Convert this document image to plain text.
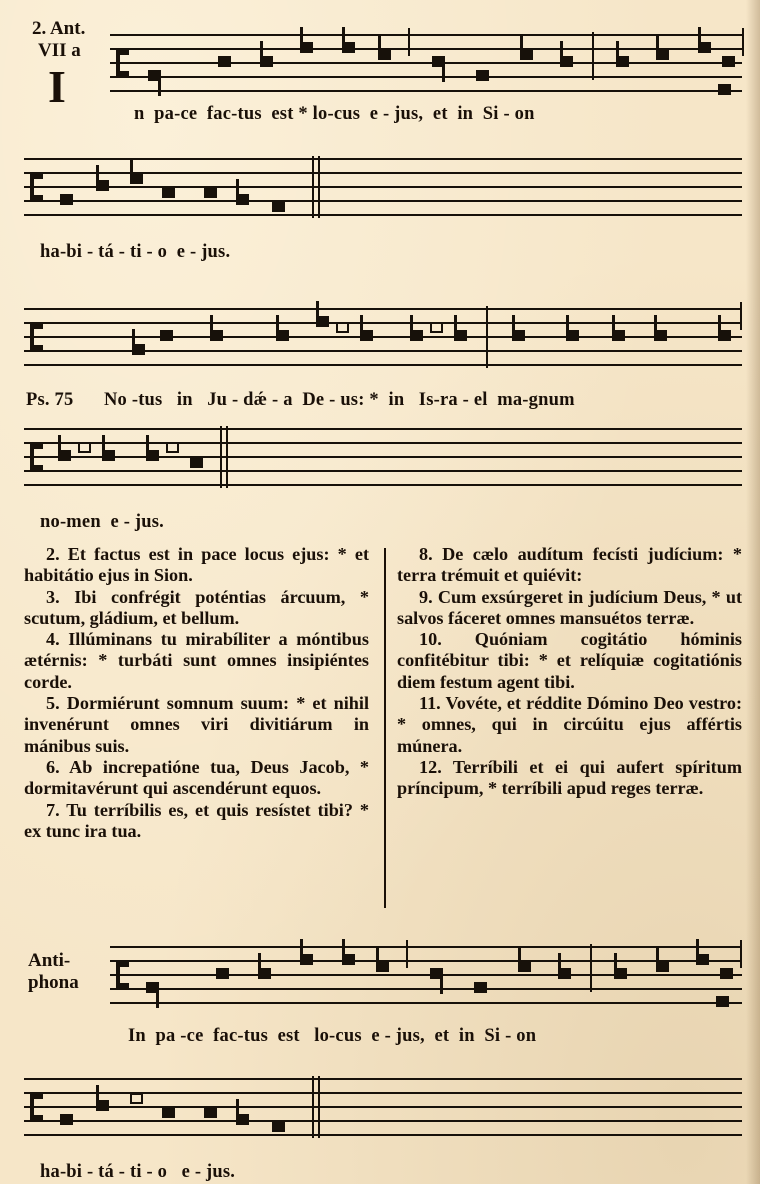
2. Ant.
VII a
I
n  pa-ce  fac-tus  est * lo-cus  e - jus,  et  in  Si - on
ha-bi - tá - ti - o  e - jus.
Ps. 75 No -tus   in   Ju - dǽ - a  De - us: *  in   Is-ra - el  ma-gnum
no-men  e - jus.

2. Et factus est in pace locus ejus: * et habitátio ejus in Sion.

3. Ibi confrégit poténtias árcuum, * scutum, gládium, et bellum.

4. Illúminans tu mirabíliter a móntibus ætérnis: * turbáti sunt omnes insipiéntes corde.

5. Dormiérunt somnum suum: * et nihil invenérunt omnes viri divitiárum in mánibus suis.

6. Ab increpatióne tua, Deus Jacob, * dormitavérunt qui ascendérunt equos.

7. Tu terríbilis es, et quis resístet tibi? * ex tunc ira tua.

8. De cælo audítum fecísti judícium: * terra trémuit et quiévit:

9. Cum exsúrgeret in judícium Deus, * ut salvos fáceret omnes mansuétos terræ.

10. Quóniam cogitátio hóminis confitébitur tibi: * et relíquiæ cogitatiónis diem festum agent tibi.

11. Vovéte, et réddite Dómino Deo vestro: * omnes, qui in circúitu ejus affértis múnera.

12. Terríbili et ei qui aufert spíritum príncipum, * terríbili apud reges terræ.

Anti-
phona
In  pa -ce  fac-tus  est   lo-cus  e - jus,  et  in  Si - on
ha-bi - tá - ti - o   e - jus.
